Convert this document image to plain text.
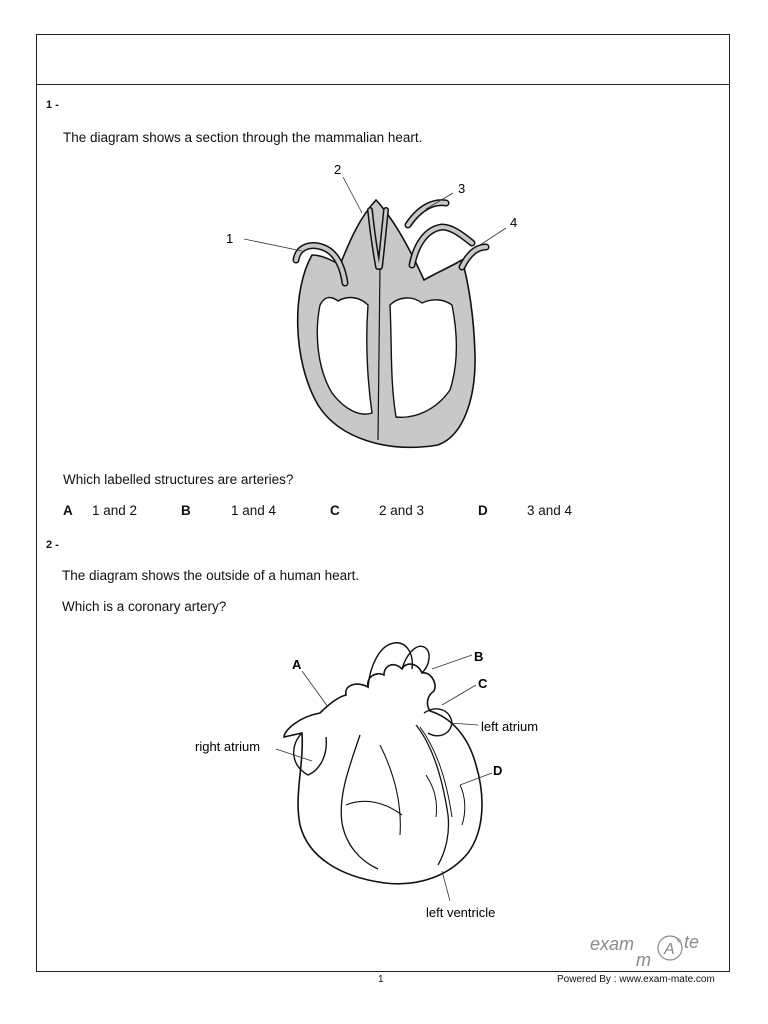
1 -
The diagram shows a section through the mammalian heart.
1
2
3
4
Which labelled structures are arteries?
A 1 and 2	B	1 and 4	C	2 and 3	D	3 and 4
2 -
The diagram shows the outside of a human heart.
Which is a coronary artery?
A
B
C
left atrium
D
right atrium
left ventricle
exam
m
A + te
1	Powered By : www.exam-mate.com
